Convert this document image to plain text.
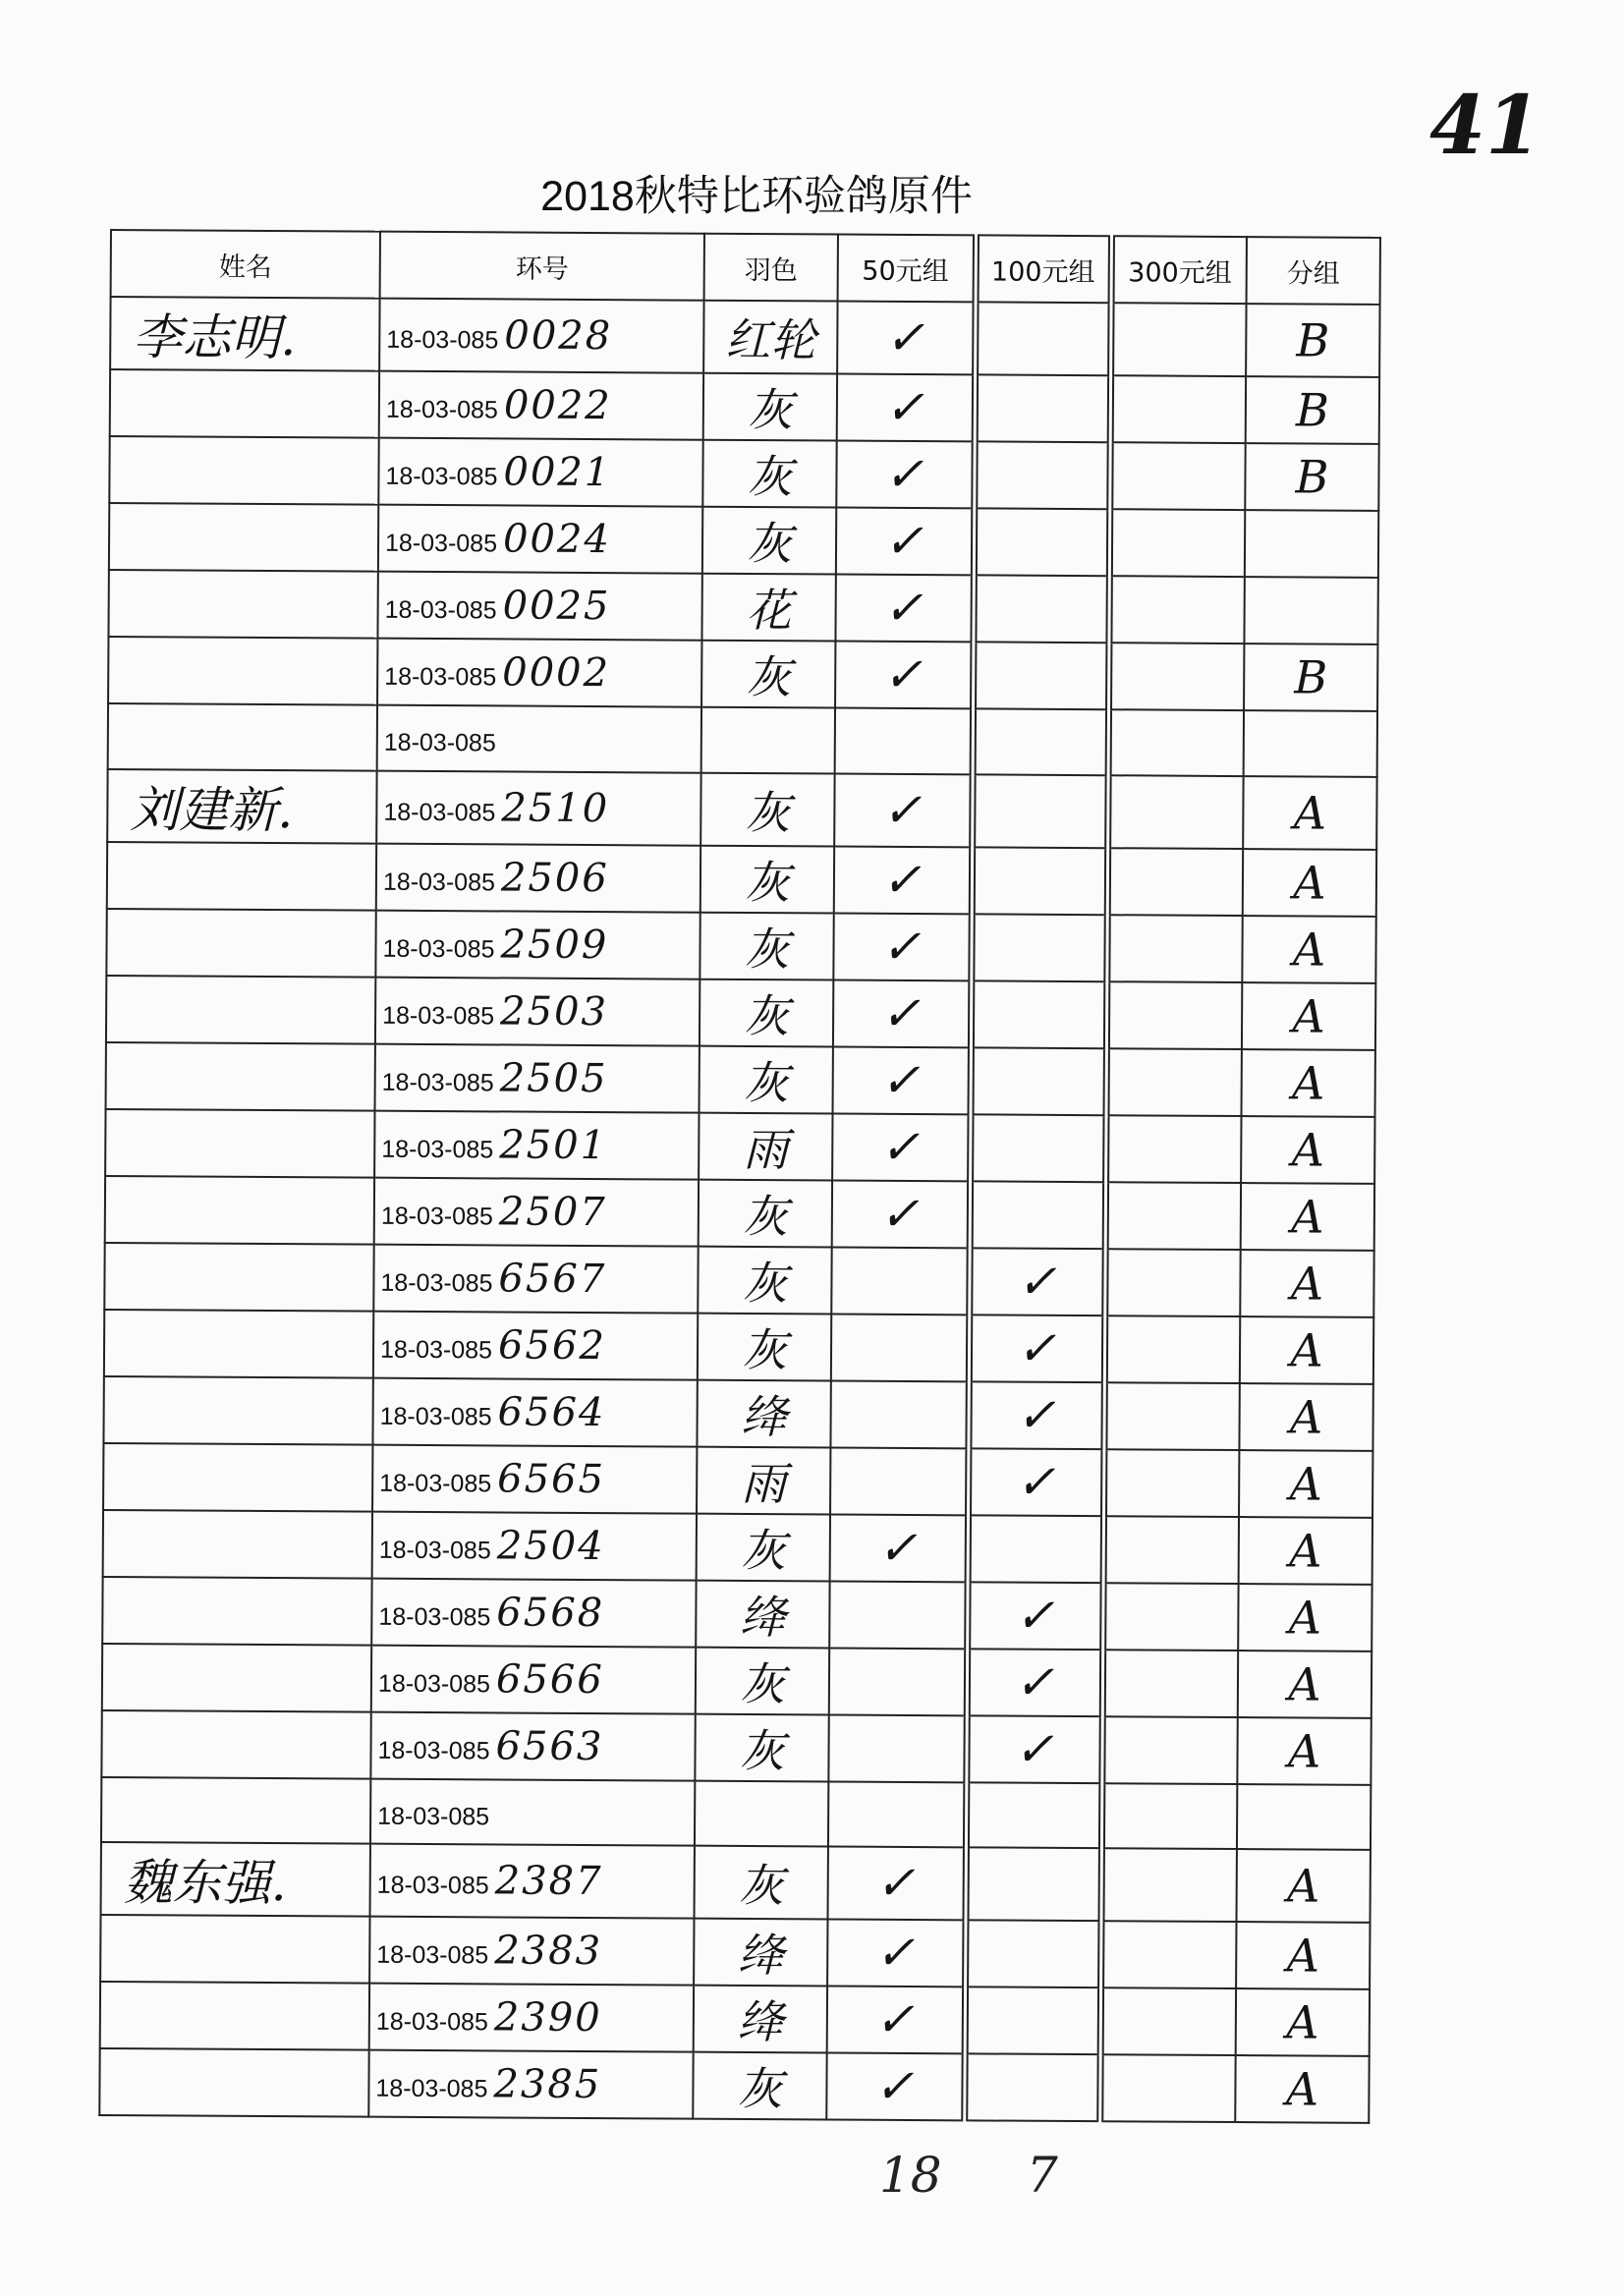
41
2018秋特比环验鸽原件
姓名	环号	羽色	50元组	100元组	300元组	分组
李志明.	18-03-085 0028	红轮	✓			B

	18-03-085 0022	灰	✓			B

	18-03-085 0021	灰	✓			B

	18-03-085 0024	灰	✓			

	18-03-085 0025	花	✓			

	18-03-085 0002	灰	✓			B

	18-03-085	

刘建新.	18-03-085 2510	灰	✓			A

	18-03-085 2506	灰	✓			A

	18-03-085 2509	灰	✓			A

	18-03-085 2503	灰	✓			A

	18-03-085 2505	灰	✓			A

	18-03-085 2501	雨	✓			A

	18-03-085 2507	灰	✓			A

	18-03-085 6567	灰		✓		A

	18-03-085 6562	灰		✓		A

	18-03-085 6564	绛		✓		A

	18-03-085 6565	雨		✓		A

	18-03-085 2504	灰	✓			A

	18-03-085 6568	绛		✓		A

	18-03-085 6566	灰		✓		A

	18-03-085 6563	灰		✓		A

	18-03-085	

魏东强.	18-03-085 2387	灰	✓			A

	18-03-085 2383	绛	✓			A

	18-03-085 2390	绛	✓			A

	18-03-085 2385	灰	✓			A
18 7
